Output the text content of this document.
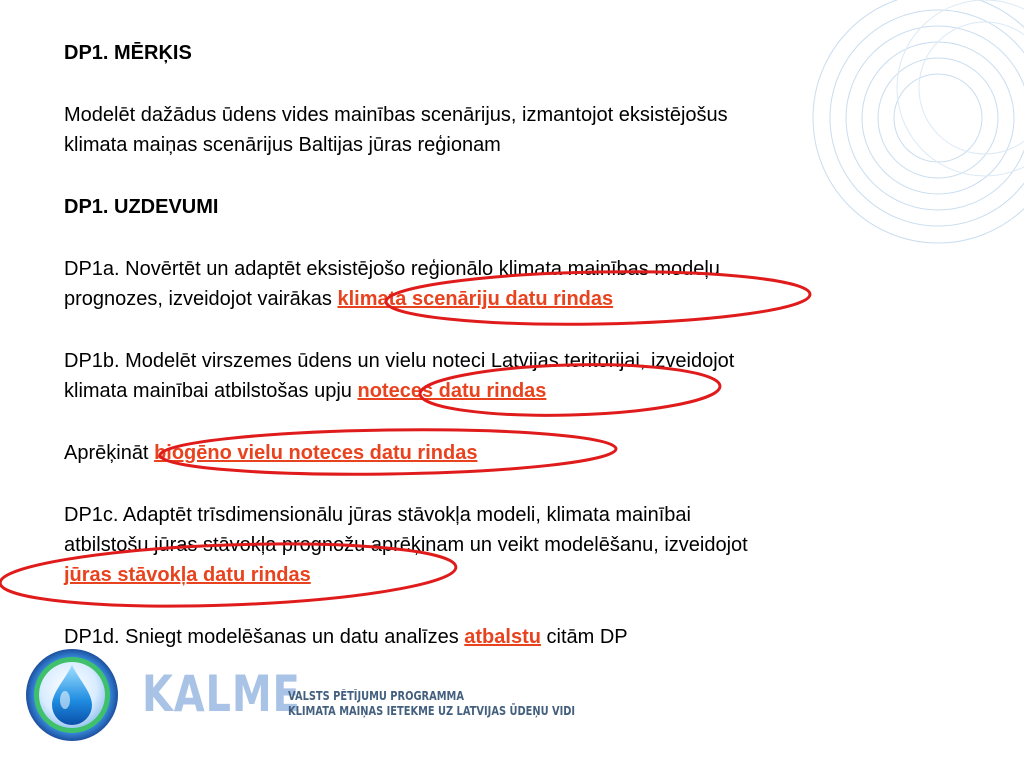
DP1. MĒRĶIS
Modelēt dažādus ūdens vides mainības scenārijus, izmantojot eksistējošus
klimata maiņas scenārijus Baltijas jūras reģionam
DP1. UZDEVUMI
DP1a. Novērtēt un adaptēt eksistējošo reģionālo klimata mainības modeļu
prognozes, izveidojot vairākas klimata scenāriju datu rindas
DP1b. Modelēt virszemes ūdens un vielu noteci Latvijas teritorijai, izveidojot
klimata mainībai atbilstošas upju noteces datu rindas
Aprēķināt biogēno vielu noteces datu rindas
DP1c. Adaptēt trīsdimensionālu jūras stāvokļa modeli, klimata mainībai
atbilstošu jūras stāvokļa prognožu aprēķinam un veikt modelēšanu, izveidojot
jūras stāvokļa datu rindas
DP1d. Sniegt modelēšanas un datu analīzes atbalstu citām DP
KALME
VALSTS PĒTĪJUMU PROGRAMMA
KLIMATA MAIŅAS IETEKME UZ LATVIJAS ŪDEŅU VIDI
